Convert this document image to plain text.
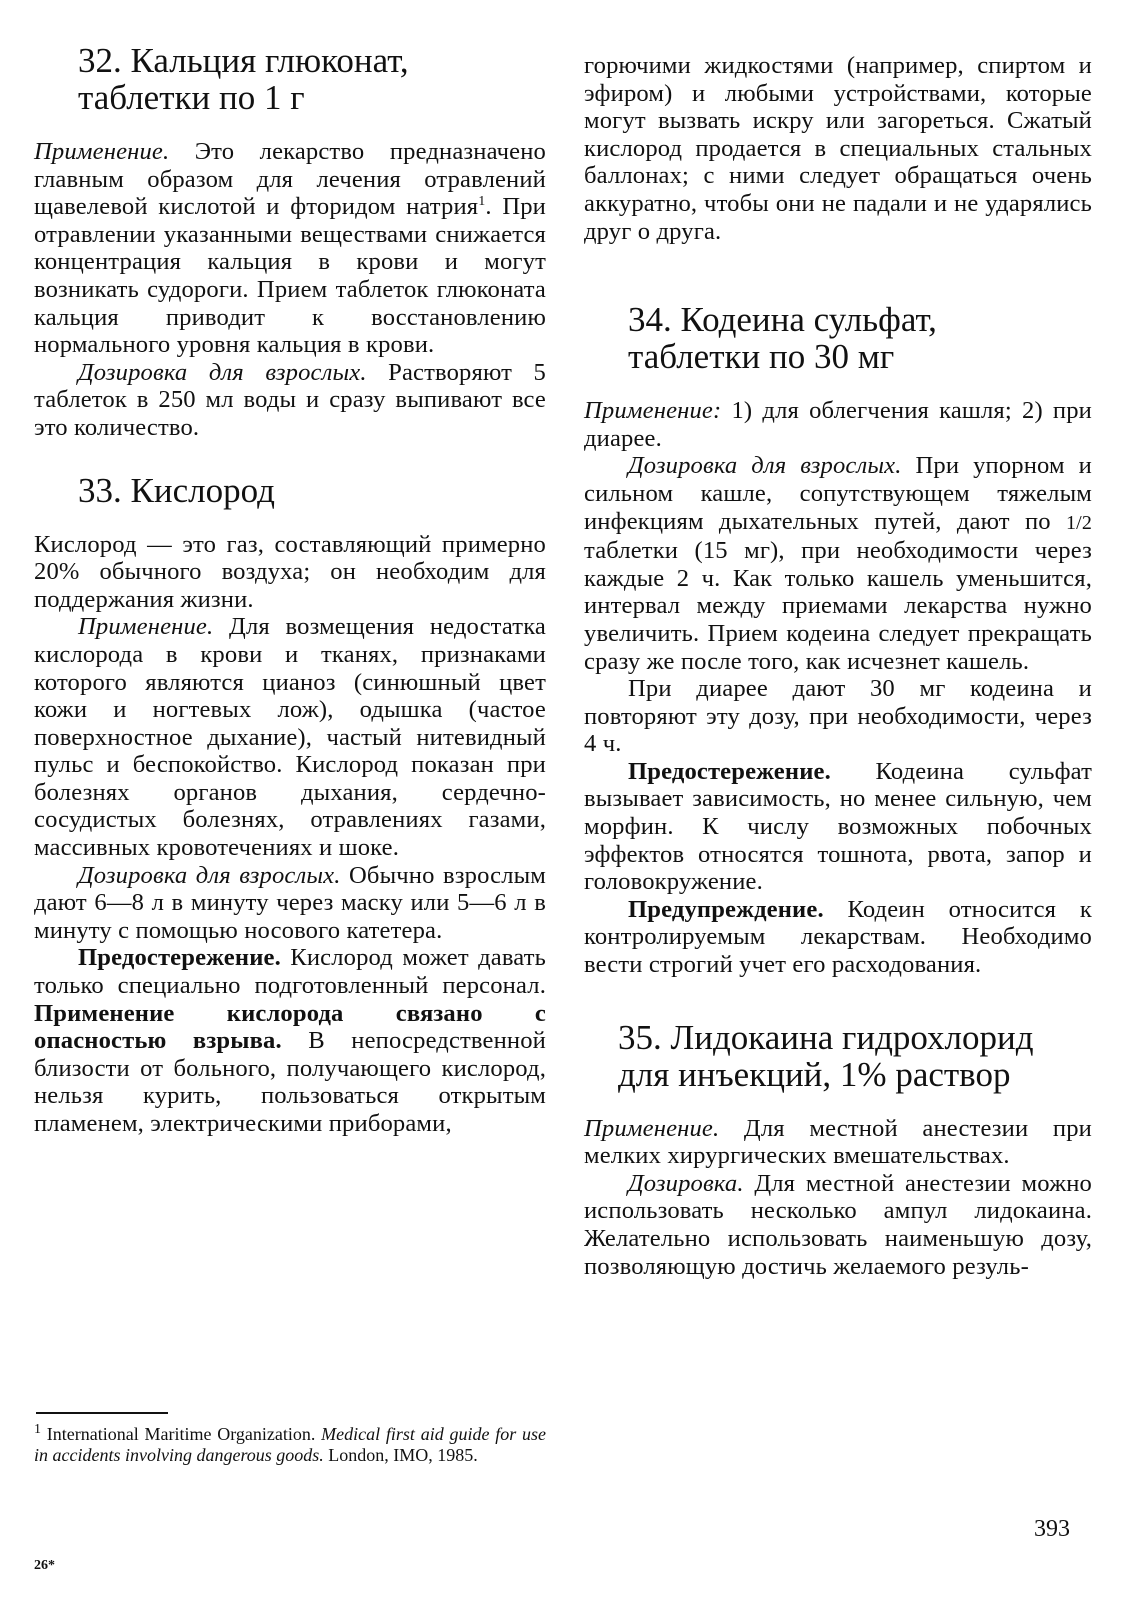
32. Кальция глюконат,
таблетки по 1 г

Применение. Это лекарство предназначено главным образом для лечения отравлений щавелевой кислотой и фторидом натрия$^1$. При отравлении указанными веществами снижается концентрация кальция в крови и могут возникать судороги. Прием таблеток глюконата кальция приводит к восстановлению нормального уровня кальция в крови.

Дозировка для взрослых. Растворяют 5 таблеток в 250 мл воды и сразу выпивают все это количество.

33. Кислород

Кислород — это газ, составляющий примерно 20% обычного воздуха; он необходим для поддержания жизни.

Применение. Для возмещения недостатка кислорода в крови и тканях, признаками которого являются цианоз (синюшный цвет кожи и ногтевых лож), одышка (частое поверхностное дыхание), частый нитевидный пульс и беспокойство. Кислород показан при болезнях органов дыхания, сердечно-сосудистых болезнях, отравлениях газами, массивных кровотечениях и шоке.

Дозировка для взрослых. Обычно взрослым дают 6—8 л в минуту через маску или 5—6 л в минуту с помощью носового катетера.

Предостережение. Кислород может давать только специально подготовленный персонал. Применение кислорода связано с опасностью взрыва. В непосредственной близости от больного, получающего кислород, нельзя курить, пользоваться открытым пламенем, электрическими приборами,

$^1$ International Maritime Organization. Medical first aid guide for use in accidents involving dangerous goods. London, IMO, 1985.

горючими жидкостями (например, спиртом и эфиром) и любыми устройствами, которые могут вызвать искру или загореться. Сжатый кислород продается в специальных стальных баллонах; с ними следует обращаться очень аккуратно, чтобы они не падали и не ударялись друг о друга.

34. Кодеина сульфат,
таблетки по 30 мг

Применение: 1) для облегчения кашля; 2) при диарее.

Дозировка для взрослых. При упорном и сильном кашле, сопутствующем тяжелым инфекциям дыхательных путей, дают по 1/2 таблетки (15 мг), при необходимости через каждые 2 ч. Как только кашель уменьшится, интервал между приемами лекарства нужно увеличить. Прием кодеина следует прекращать сразу же после того, как исчезнет кашель.

При диарее дают 30 мг кодеина и повторяют эту дозу, при необходимости, через 4 ч.

Предостережение. Кодеина сульфат вызывает зависимость, но менее сильную, чем морфин. К числу возможных побочных эффектов относятся тошнота, рвота, запор и головокружение.

Предупреждение. Кодеин относится к контролируемым лекарствам. Необходимо вести строгий учет его расходования.

35. Лидокаина гидрохлорид
для инъекций, 1% раствор

Применение. Для местной анестезии при мелких хирургических вмешательствах.

Дозировка. Для местной анестезии можно использовать несколько ампул лидокаина. Желательно использовать наименьшую дозу, позволяющую достичь желаемого резуль-

393
26*
